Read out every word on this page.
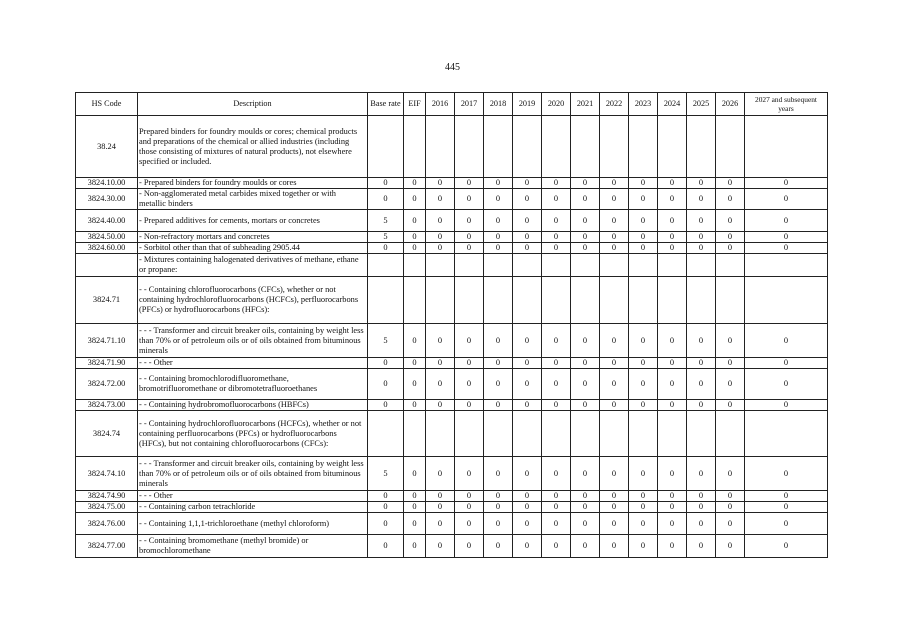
445
HS Code	Description	Base rate	EIF	2016	2017	2018	2019	2020	2021	2022	2023	2024	2025	2026	2027 and subsequent years
38.24	Prepared binders for foundry moulds or cores; chemical products and preparations of the chemical or allied industries (including those consisting of mixtures of natural products), not elsewhere specified or included.														
3824.10.00	- Prepared binders for foundry moulds or cores	0	0	0	0	0	0	0	0	0	0	0	0	0	0
3824.30.00	- Non-agglomerated metal carbides mixed together or with metallic binders	0	0	0	0	0	0	0	0	0	0	0	0	0	0
3824.40.00	- Prepared additives for cements, mortars or concretes	5	0	0	0	0	0	0	0	0	0	0	0	0	0
3824.50.00	- Non-refractory mortars and concretes	5	0	0	0	0	0	0	0	0	0	0	0	0	0
3824.60.00	- Sorbitol other than that of subheading 2905.44	0	0	0	0	0	0	0	0	0	0	0	0	0	0
	- Mixtures containing halogenated derivatives of methane, ethane or propane:														
3824.71	- - Containing chlorofluorocarbons (CFCs), whether or not containing hydrochlorofluorocarbons (HCFCs), perfluorocarbons (PFCs) or hydrofluorocarbons (HFCs):														
3824.71.10	- - - Transformer and circuit breaker oils, containing by weight less than 70% or of petroleum oils or of oils obtained from bituminous minerals	5	0	0	0	0	0	0	0	0	0	0	0	0	0
3824.71.90	- - - Other	0	0	0	0	0	0	0	0	0	0	0	0	0	0
3824.72.00	- - Containing bromochlorodifluoromethane, bromotrifluoromethane or dibromotetrafluoroethanes	0	0	0	0	0	0	0	0	0	0	0	0	0	0
3824.73.00	- - Containing hydrobromofluorocarbons (HBFCs)	0	0	0	0	0	0	0	0	0	0	0	0	0	0
3824.74	- - Containing hydrochlorofluorocarbons (HCFCs), whether or not containing perfluorocarbons (PFCs) or hydrofluorocarbons (HFCs), but not containing chlorofluorocarbons (CFCs):														
3824.74.10	- - - Transformer and circuit breaker oils, containing by weight less than 70% or of petroleum oils or of oils obtained from bituminous minerals	5	0	0	0	0	0	0	0	0	0	0	0	0	0
3824.74.90	- - - Other	0	0	0	0	0	0	0	0	0	0	0	0	0	0
3824.75.00	- - Containing carbon tetrachloride	0	0	0	0	0	0	0	0	0	0	0	0	0	0
3824.76.00	- - Containing 1,1,1-trichloroethane (methyl chloroform)	0	0	0	0	0	0	0	0	0	0	0	0	0	0
3824.77.00	- - Containing bromomethane (methyl bromide) or bromochloromethane	0	0	0	0	0	0	0	0	0	0	0	0	0	0
